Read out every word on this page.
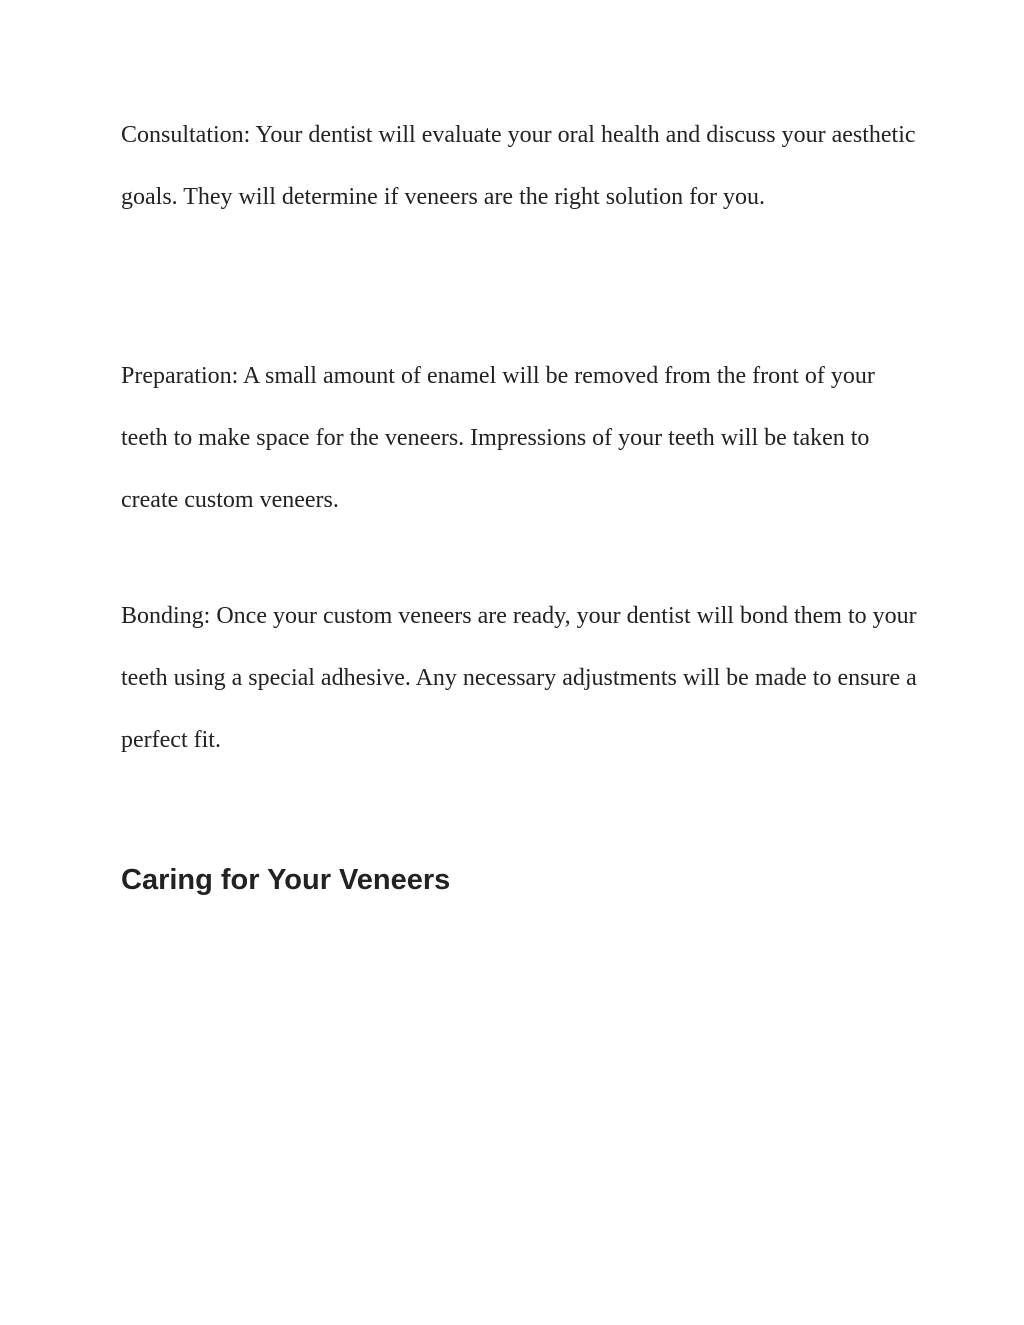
Consultation: Your dentist will evaluate your oral health and discuss your aesthetic goals. They will determine if veneers are the right solution for you.

Preparation: A small amount of enamel will be removed from the front of your teeth to make space for the veneers. Impressions of your teeth will be taken to create custom veneers.

Bonding: Once your custom veneers are ready, your dentist will bond them to your teeth using a special adhesive. Any necessary adjustments will be made to ensure a perfect fit.

Caring for Your Veneers
